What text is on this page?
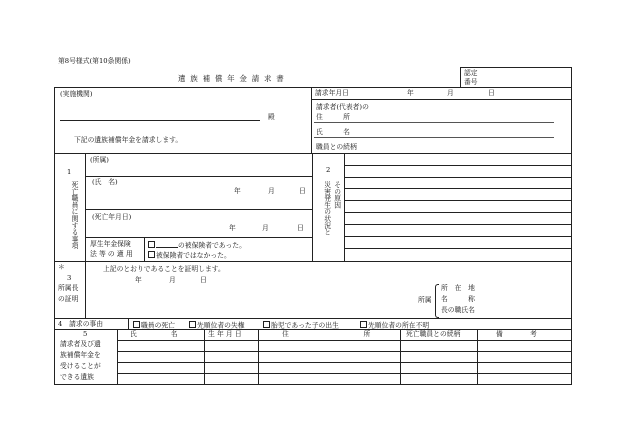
第8号様式(第10条関係)
遺 族 補 償 年 金 請 求 書
認定
番号
(実施機関)
殿
下記の遺族補償年金を請求します。
請求年月日	年	月	日
請求者(代表者)の
住　　　所
氏　　　名
職員との続柄
1
死亡職員に関する事項
(所属)
(氏　名)
年	月	日
(死亡年月日)
年	月	日
厚生年金保険
法 等 の 適 用
の被保険者であった。
被保険者ではなかった。
2
その原因
災害発生の状況と
＊
3
所属長
の証明
上記のとおりであることを証明します。
年	月	日
所属
所　在　地
名　　　称
長の職氏名
4　請求の事由	職員の死亡	先順位者の失権	胎児であった子の出生	先順位者の所在不明
5
請求者及び遺
族補償年金を
受けることが
できる遺族
氏　　　　　名	生 年 月 日	住　　　　　　　　　　　所	死亡職員との続柄	備　　　　考
